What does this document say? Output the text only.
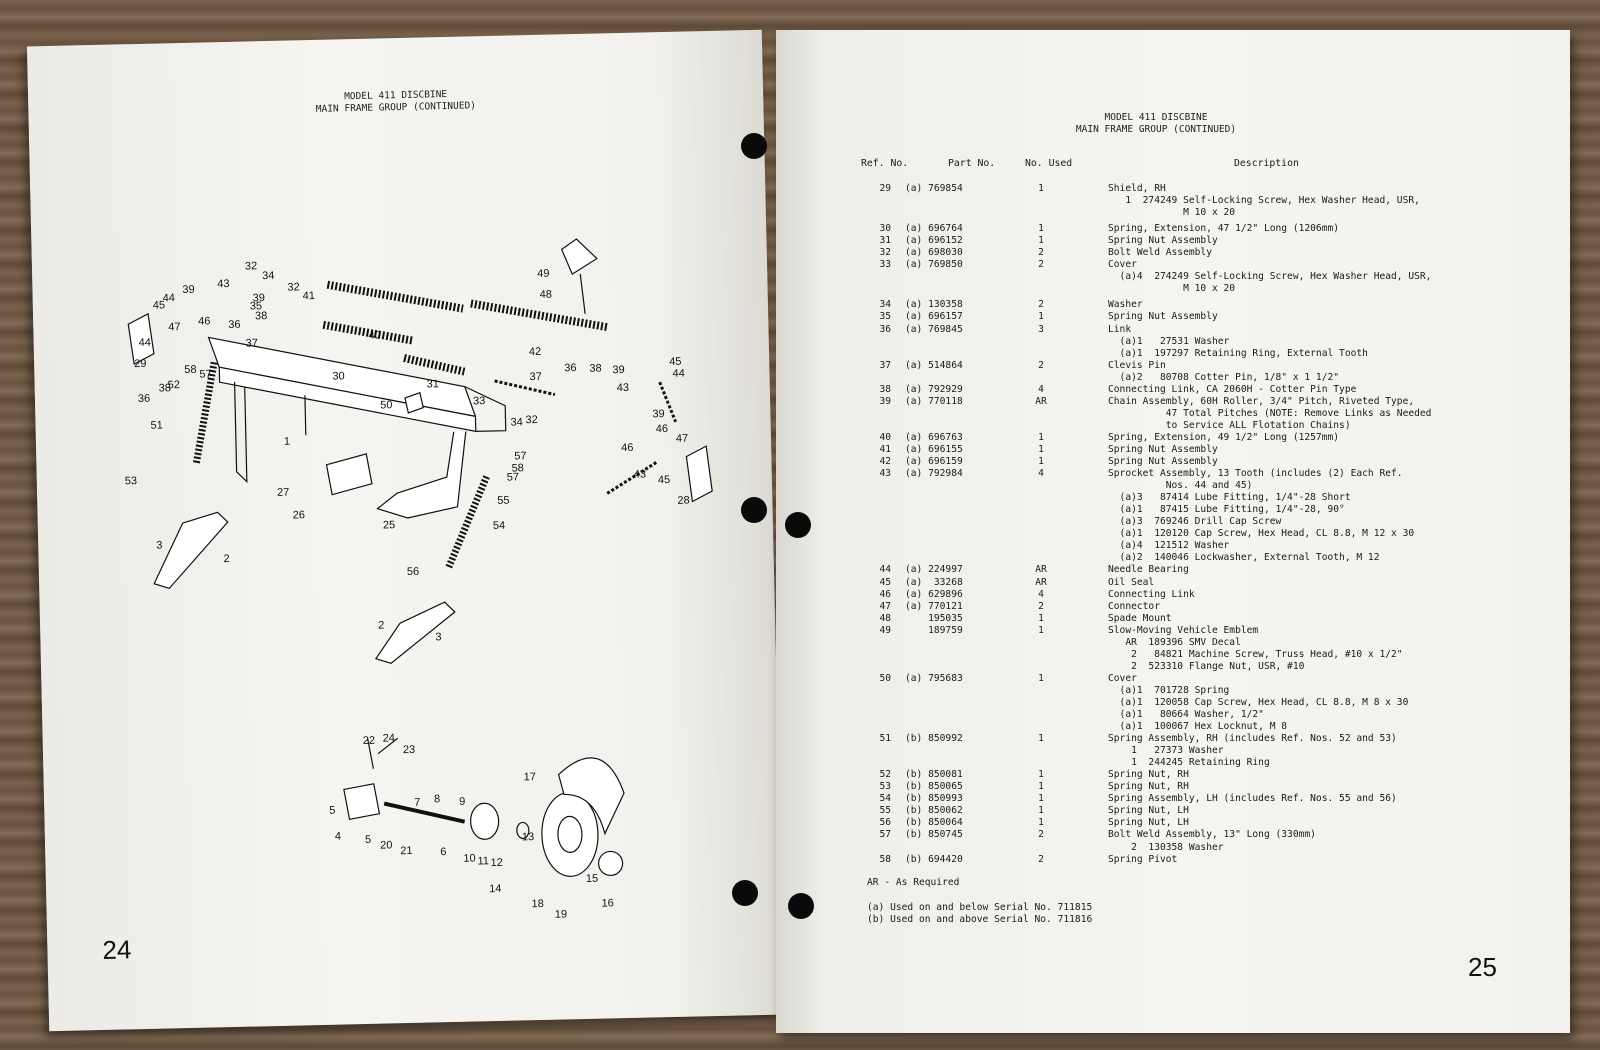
MODEL 411 DISCBINE
MAIN FRAME GROUP (CONTINUED)
1
2
2
3
3
4
5
5
6
7 8 9
10 11 12
13
14
15
16
17
18
19
20 21
22
23
24
25
26
27
28
29
30
31
32
32
32
33
34
34
35
36
36
36
37
37
38
38
38
39
39
39
39
40
41
42
43
43
43
44
44
44
45
45
45
46
46
46
47
47
48
49
50
51
52
53
54
55
56
57
57
57
58
58
24
MODEL 411 DISCBINE
MAIN FRAME GROUP (CONTINUED)
Ref. No.	Part No.	No. Used	Description
29 (a) 769854	1	Shield, RH
1  274249 Self-Locking Screw, Hex Washer Head, USR,
M 10 x 20
30 (a) 696764	1	Spring, Extension, 47 1/2" Long (1206mm)
31 (a) 696152	1	Spring Nut Assembly
32 (a) 698030	2	Bolt Weld Assembly
33 (a) 769850	2	Cover
(a)4  274249 Self-Locking Screw, Hex Washer Head, USR,
M 10 x 20
34 (a) 130358	2	Washer
35 (a) 696157	1	Spring Nut Assembly
36 (a) 769845	3	Link
(a)1   27531 Washer
(a)1  197297 Retaining Ring, External Tooth
37 (a) 514864	2	Clevis Pin
(a)2   80708 Cotter Pin, 1/8" x 1 1/2"
38 (a) 792929	4	Connecting Link, CA 2060H - Cotter Pin Type
39 (a) 770118	AR	Chain Assembly, 60H Roller, 3/4" Pitch, Riveted Type,
47 Total Pitches (NOTE: Remove Links as Needed
to Service ALL Flotation Chains)
40 (a) 696763	1	Spring, Extension, 49 1/2" Long (1257mm)
41 (a) 696155	1	Spring Nut Assembly
42 (a) 696159	1	Spring Nut Assembly
43 (a) 792984	4	Sprocket Assembly, 13 Tooth (includes (2) Each Ref.
Nos. 44 and 45)
(a)3   87414 Lube Fitting, 1/4"-28 Short
(a)1   87415 Lube Fitting, 1/4"-28, 90°
(a)3  769246 Drill Cap Screw
(a)1  120120 Cap Screw, Hex Head, CL 8.8, M 12 x 30
(a)4  121512 Washer
(a)2  140046 Lockwasher, External Tooth, M 12
44 (a) 224997	AR	Needle Bearing
45 (a)  33268	AR	Oil Seal
46 (a) 629896	4	Connecting Link
47 (a) 770121	2	Connector
48 195035	1	Spade Mount
49 189759	1	Slow-Moving Vehicle Emblem
AR  189396 SMV Decal
2   84821 Machine Screw, Truss Head, #10 x 1/2"
2  523310 Flange Nut, USR, #10
50 (a) 795683	1	Cover
(a)1  701728 Spring
(a)1  120058 Cap Screw, Hex Head, CL 8.8, M 8 x 30
(a)1   80664 Washer, 1/2"
(a)1  100067 Hex Locknut, M 8
51 (b) 850992	1	Spring Assembly, RH (includes Ref. Nos. 52 and 53)
1   27373 Washer
1  244245 Retaining Ring
52 (b) 850081	1	Spring Nut, RH
53 (b) 850065	1	Spring Nut, RH
54 (b) 850993	1	Spring Assembly, LH (includes Ref. Nos. 55 and 56)
55 (b) 850062	1	Spring Nut, LH
56 (b) 850064	1	Spring Nut, LH
57 (b) 850745	2	Bolt Weld Assembly, 13" Long (330mm)
2  130358 Washer
58 (b) 694420	2	Spring Pivot
AR - As Required
(a) Used on and below Serial No. 711815
(b) Used on and above Serial No. 711816
25
